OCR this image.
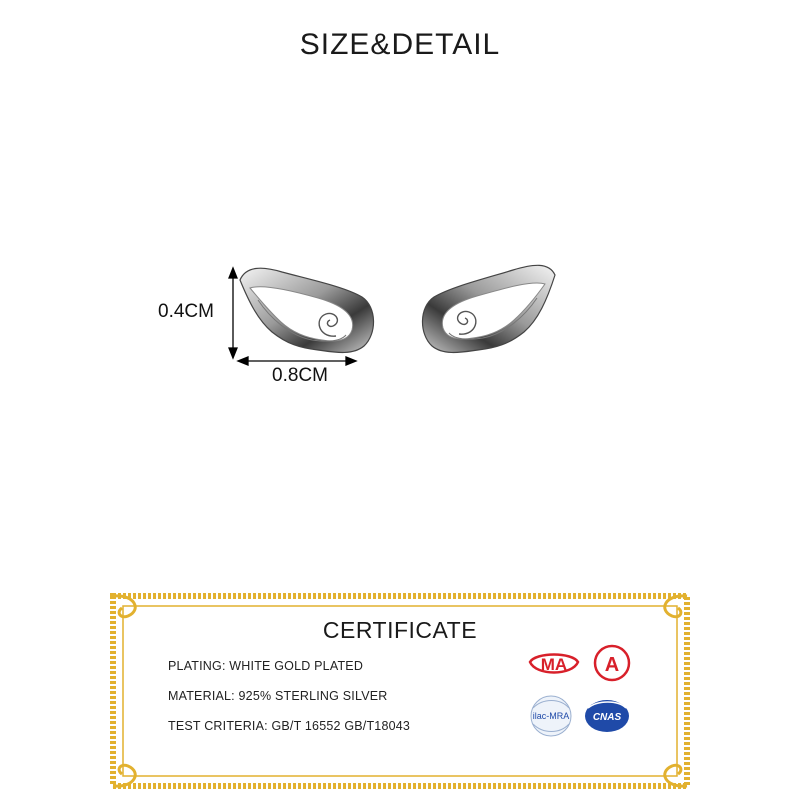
SIZE&DETAIL
MA A
ilac-MRA CNAS
0.4CM
0.8CM
CERTIFICATE
PLATING: WHITE GOLD PLATED
MATERIAL: 925% STERLING SILVER
TEST CRITERIA: GB/T 16552 GB/T18043
